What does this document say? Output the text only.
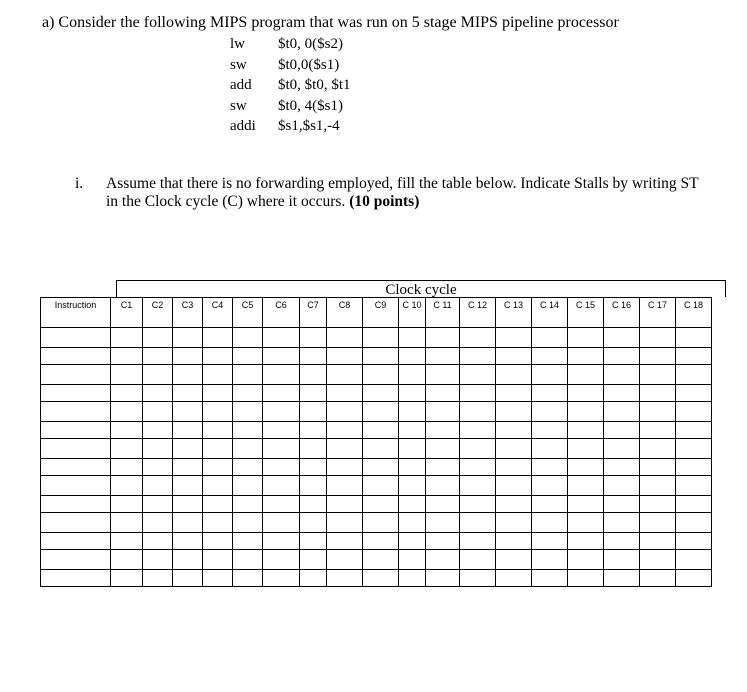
a) Consider the following MIPS program that was run on 5 stage MIPS pipeline processor
lw $t0, 0($s2)
sw $t0,0($s1)
add $t0, $t0, $t1
sw $t0, 4($s1)
addi $s1,$s1,-4
i. Assume that there is no forwarding employed, fill the table below. Indicate Stalls by writing ST in the Clock cycle (C) where it occurs. (10 points)
Clock cycle
Instruction	C1	C2	C3	C4	C5	C6	C7	C8	C9	C 10	C 11	C 12	C 13	C 14	C 15	C 16	C 17	C 18
